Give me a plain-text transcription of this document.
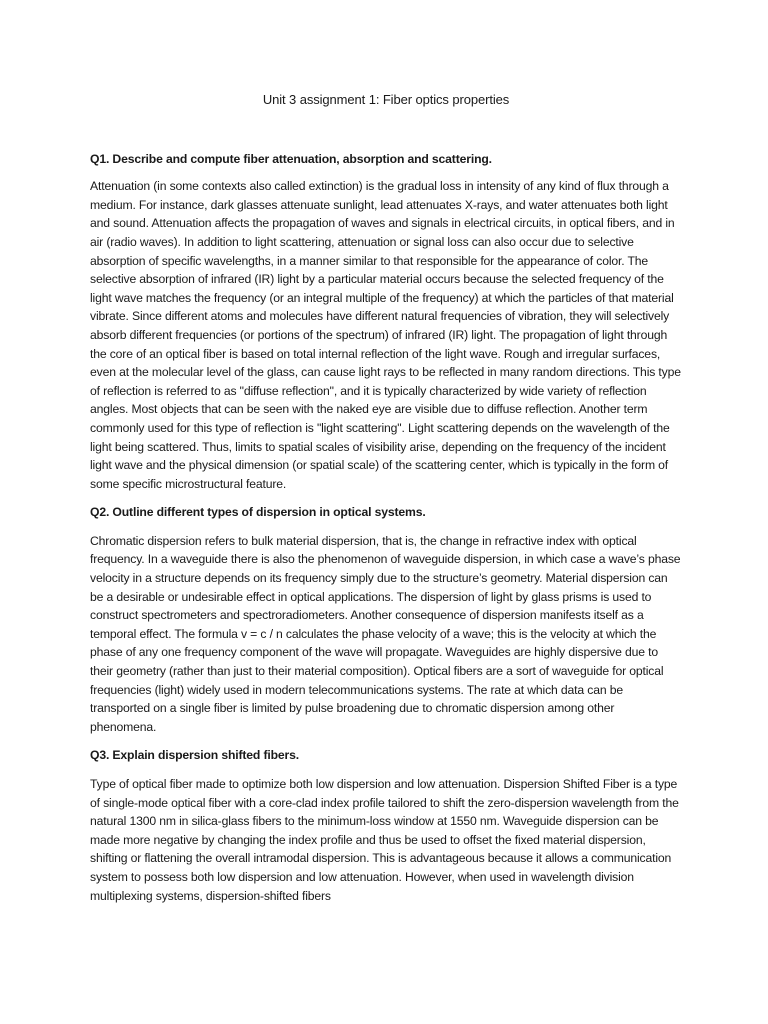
Unit 3 assignment 1: Fiber optics properties

Q1. Describe and compute fiber attenuation, absorption and scattering.

Attenuation (in some contexts also called extinction) is the gradual loss in intensity of any kind of flux through a medium. For instance, dark glasses attenuate sunlight, lead attenuates X-rays, and water attenuates both light and sound. Attenuation affects the propagation of waves and signals in electrical circuits, in optical fibers, and in air (radio waves). In addition to light scattering, attenuation or signal loss can also occur due to selective absorption of specific wavelengths, in a manner similar to that responsible for the appearance of color. The selective absorption of infrared (IR) light by a particular material occurs because the selected frequency of the light wave matches the frequency (or an integral multiple of the frequency) at which the particles of that material vibrate. Since different atoms and molecules have different natural frequencies of vibration, they will selectively absorb different frequencies (or portions of the spectrum) of infrared (IR) light. The propagation of light through the core of an optical fiber is based on total internal reflection of the light wave. Rough and irregular surfaces, even at the molecular level of the glass, can cause light rays to be reflected in many random directions. This type of reflection is referred to as "diffuse reflection", and it is typically characterized by wide variety of reflection angles. Most objects that can be seen with the naked eye are visible due to diffuse reflection. Another term commonly used for this type of reflection is "light scattering". Light scattering depends on the wavelength of the light being scattered. Thus, limits to spatial scales of visibility arise, depending on the frequency of the incident light wave and the physical dimension (or spatial scale) of the scattering center, which is typically in the form of some specific microstructural feature.

Q2. Outline different types of dispersion in optical systems.

Chromatic dispersion refers to bulk material dispersion, that is, the change in refractive index with optical frequency. In a waveguide there is also the phenomenon of waveguide dispersion, in which case a wave’s phase velocity in a structure depends on its frequency simply due to the structure’s geometry. Material dispersion can be a desirable or undesirable effect in optical applications. The dispersion of light by glass prisms is used to construct spectrometers and spectroradiometers. Another consequence of dispersion manifests itself as a temporal effect. The formula v = c / n calculates the phase velocity of a wave; this is the velocity at which the phase of any one frequency component of the wave will propagate. Waveguides are highly dispersive due to their geometry (rather than just to their material composition). Optical fibers are a sort of waveguide for optical frequencies (light) widely used in modern telecommunications systems. The rate at which data can be transported on a single fiber is limited by pulse broadening due to chromatic dispersion among other phenomena.

Q3. Explain dispersion shifted fibers.

Type of optical fiber made to optimize both low dispersion and low attenuation. Dispersion Shifted Fiber is a type of single-mode optical fiber with a core-clad index profile tailored to shift the zero-dispersion wavelength from the natural 1300 nm in silica-glass fibers to the minimum-loss window at 1550 nm. Waveguide dispersion can be made more negative by changing the index profile and thus be used to offset the fixed material dispersion, shifting or flattening the overall intramodal dispersion. This is advantageous because it allows a communication system to possess both low dispersion and low attenuation. However, when used in wavelength division multiplexing systems, dispersion-shifted fibers
